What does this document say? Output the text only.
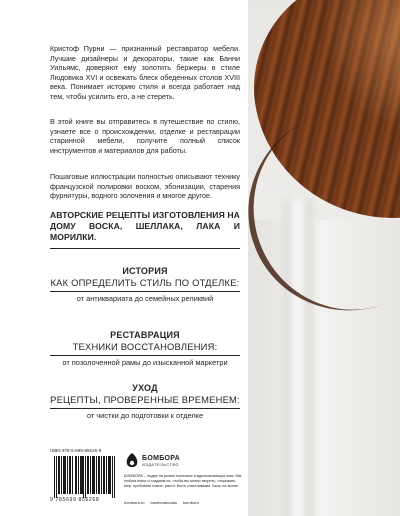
Кристоф Пурни — признанный реставратор мебели. Лучшие дизайнеры и декораторы, такие как Банни Уильямс, доверяют ему золотить бержеры в стиле Людовика XVI и освежать блеск обеденных столов XVIII века. Понимает историю стиля и всегда работает над тем, чтобы усилить его, а не стереть.

В этой книге вы отправитесь в путешествие по стилю, узнаете все о происхождении, отделке и реставрации старинной мебели, получите полный список инструментов и материалов для работы.

Пошаговые иллюстрации полностью описывают технику французской полировки воском, эбонизации, старения фурнитуры, водного золочения и многое другое.

АВТОРСКИЕ РЕЦЕПТЫ ИЗГОТОВЛЕНИЯ НА ДОМУ ВОСКА, ШЕЛЛАКА, ЛАКА И МОРИЛКИ.

ИСТОРИЯ
КАК ОПРЕДЕЛИТЬ СТИЛЬ ПО ОТДЕЛКЕ:
от антиквариата до семейных реликвий
РЕСТАВРАЦИЯ
ТЕХНИКИ ВОССТАНОВЛЕНИЯ:
от позолоченной рамы до изысканной маркетри
УХОД
РЕЦЕПТЫ, ПРОВЕРЕННЫЕ ВРЕМЕНЕМ:
от чистки до подготовки к отделке
ISBN 978-5-699-85626-9
9 785699 856268
БОМБОРА
ИЗДАТЕЛЬСТВО
БОМБОРА – лидер на рынке полезных и вдохновляющих книг. Мы любим книги и создаем их, чтобы вы могли творить, открывать мир, пробовать новое, расти. Быть счастливыми. Быть на волне.
bombora.ru bomborabooks bombora
